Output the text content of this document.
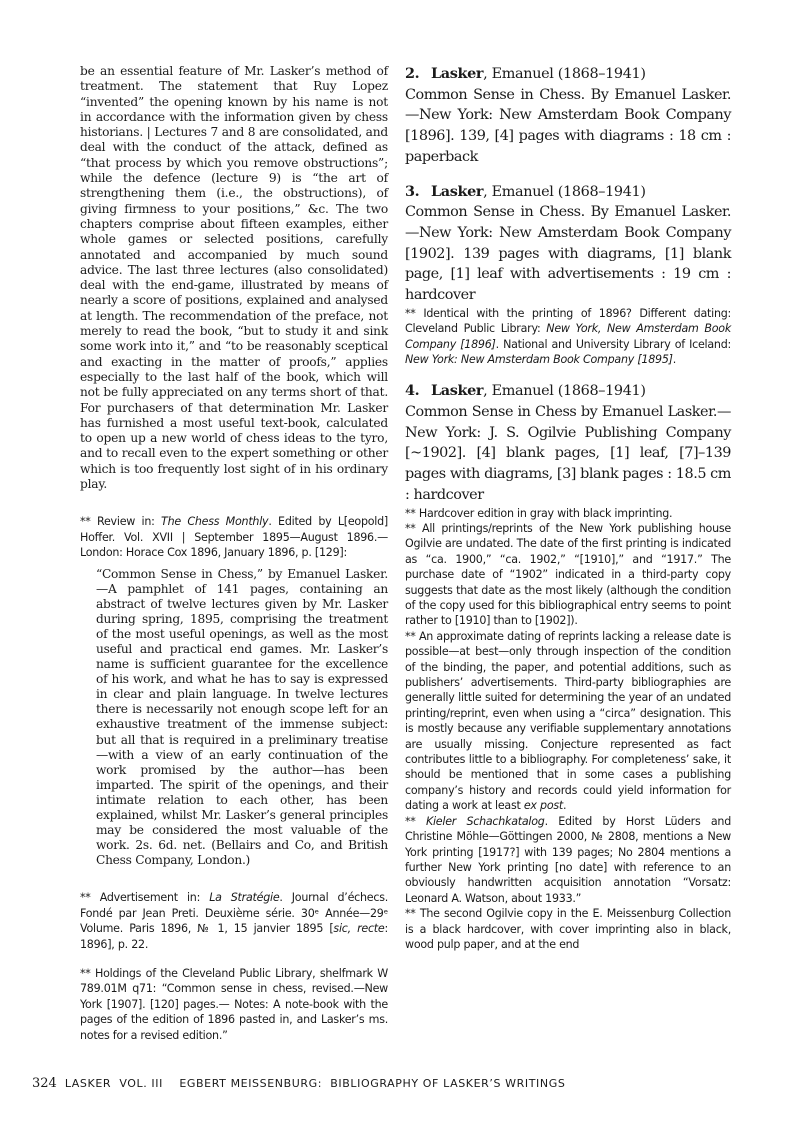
be an essential feature of Mr. Lasker’s method of treatment. The statement that Ruy Lopez “invented” the opening known by his name is not in accordance with the information given by chess historians. | Lectures 7 and 8 are consolidated, and deal with the conduct of the attack, defined as “that process by which you remove obstructions”; while the defence (lecture 9) is “the art of strengthening them (i.e., the obstructions), of giving firmness to your positions,” &c. The two chapters comprise about fifteen examples, either whole games or selected positions, carefully annotated and accompanied by much sound advice. The last three lectures (also consolidated) deal with the end-game, illustrated by means of nearly a score of positions, explained and analysed at length. The recommendation of the preface, not merely to read the book, “but to study it and sink some work into it,” and “to be reasonably sceptical and exacting in the matter of proofs,” applies especially to the last half of the book, which will not be fully appreciated on any terms short of that. For purchasers of that determination Mr. Lasker has furnished a most useful text-book, calculated to open up a new world of chess ideas to the tyro, and to recall even to the expert something or other which is too frequently lost sight of in his ordinary play.

** Review in: The Chess Monthly. Edited by L[eopold] Hoffer. Vol. XVII | September 1895—August 1896.— London: Horace Cox 1896, January 1896, p. [129]:

“Common Sense in Chess,” by Emanuel Lasker.—A pamphlet of 141 pages, containing an abstract of twelve lectures given by Mr. Lasker during spring, 1895, comprising the treatment of the most useful openings, as well as the most useful and practical end games. Mr. Lasker’s name is sufficient guarantee for the excellence of his work, and what he has to say is expressed in clear and plain language. In twelve lectures there is necessarily not enough scope left for an exhaustive treatment of the immense subject: but all that is required in a preliminary treatise—with a view of an early continuation of the work promised by the author—has been imparted. The spirit of the openings, and their intimate relation to each other, has been explained, whilst Mr. Lasker’s general principles may be considered the most valuable of the work. 2s. 6d. net. (Bellairs and Co, and British Chess Company, London.)

** Advertisement in: La Stratégie. Journal d’échecs. Fondé par Jean Preti. Deuxième série. 30ᵉ Année—29ᵉ Volume. Paris 1896, № 1, 15 janvier 1895 [sic, recte: 1896], p. 22.

** Holdings of the Cleveland Public Library, shelfmark W 789.01M q71: “Common sense in chess, revised.—New York [1907]. [120] pages.— Notes: A note-book with the pages of the edition of 1896 pasted in, and Lasker’s ms. notes for a revised edition.”

2. Lasker, Emanuel (1868–1941)

Common Sense in Chess. By Emanuel Lasker.—New York: New Amsterdam Book Company [1896]. 139, [4] pages with diagrams : 18 cm : paperback

3. Lasker, Emanuel (1868–1941)

Common Sense in Chess. By Emanuel Lasker.—New York: New Amsterdam Book Company [1902]. 139 pages with diagrams, [1] blank page, [1] leaf with advertisements : 19 cm : hardcover

** Identical with the printing of 1896? Different dating: Cleveland Public Library: New York, New Amsterdam Book Company [1896]. National and University Library of Iceland: New York: New Amsterdam Book Company [1895].

4. Lasker, Emanuel (1868–1941)

Common Sense in Chess by Emanuel Lasker.—New York: J. S. Ogilvie Publishing Company [~1902]. [4] blank pages, [1] leaf, [7]–139 pages with diagrams, [3] blank pages : 18.5 cm : hardcover

** Hardcover edition in gray with black imprinting.

** All printings/reprints of the New York publishing house Ogilvie are undated. The date of the first printing is indicated as “ca. 1900,” “ca. 1902,” “[1910],” and “1917.” The purchase date of “1902” indicated in a third-party copy suggests that date as the most likely (although the condition of the copy used for this bibliographical entry seems to point rather to [1910] than to [1902]).

** An approximate dating of reprints lacking a release date is possible—at best—only through inspection of the condition of the binding, the paper, and potential additions, such as publishers’ advertisements. Third-party bibliographies are generally little suited for determining the year of an undated printing/reprint, even when using a “circa” designation. This is mostly because any verifiable supplementary annotations are usually missing. Conjecture represented as fact contributes little to a bibliography. For completeness’ sake, it should be mentioned that in some cases a publishing company’s history and records could yield information for dating a work at least ex post.

** Kieler Schachkatalog. Edited by Horst Lüders and Christine Möhle—Göttingen 2000, № 2808, mentions a New York printing [1917?] with 139 pages; No 2804 mentions a further New York printing [no date] with reference to an obviously handwritten acquisition annotation “Vorsatz: Leonard A. Watson, about 1933.”

** The second Ogilvie copy in the E. Meissenburg Collection is a black hardcover, with cover imprinting also in black, wood pulp paper, and at the end

324 LASKER  VOL. III    EGBERT MEISSENBURG:  BIBLIOGRAPHY OF LASKER’S WRITINGS
